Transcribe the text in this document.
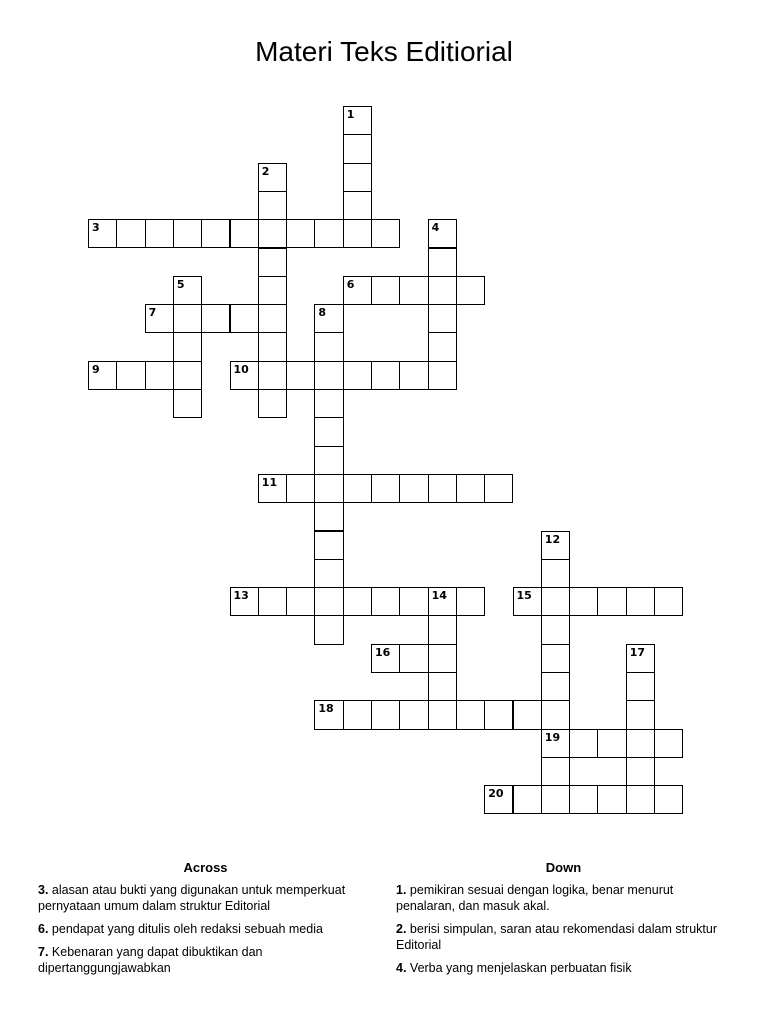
Materi Teks Editiorial
1
2
3	4
5	6
7	8
9	10
11
12
19
13	14	15
16	17
18
20
Across
3. alasan atau bukti yang digunakan untuk memperkuat pernyataan umum dalam struktur Editorial
6. pendapat yang ditulis oleh redaksi sebuah media
7. Kebenaran yang dapat dibuktikan dan dipertanggungjawabkan
Down
1. pemikiran sesuai dengan logika, benar menurut penalaran, dan masuk akal.
2. berisi simpulan, saran atau rekomendasi dalam struktur Editorial
4. Verba yang menjelaskan perbuatan fisik
